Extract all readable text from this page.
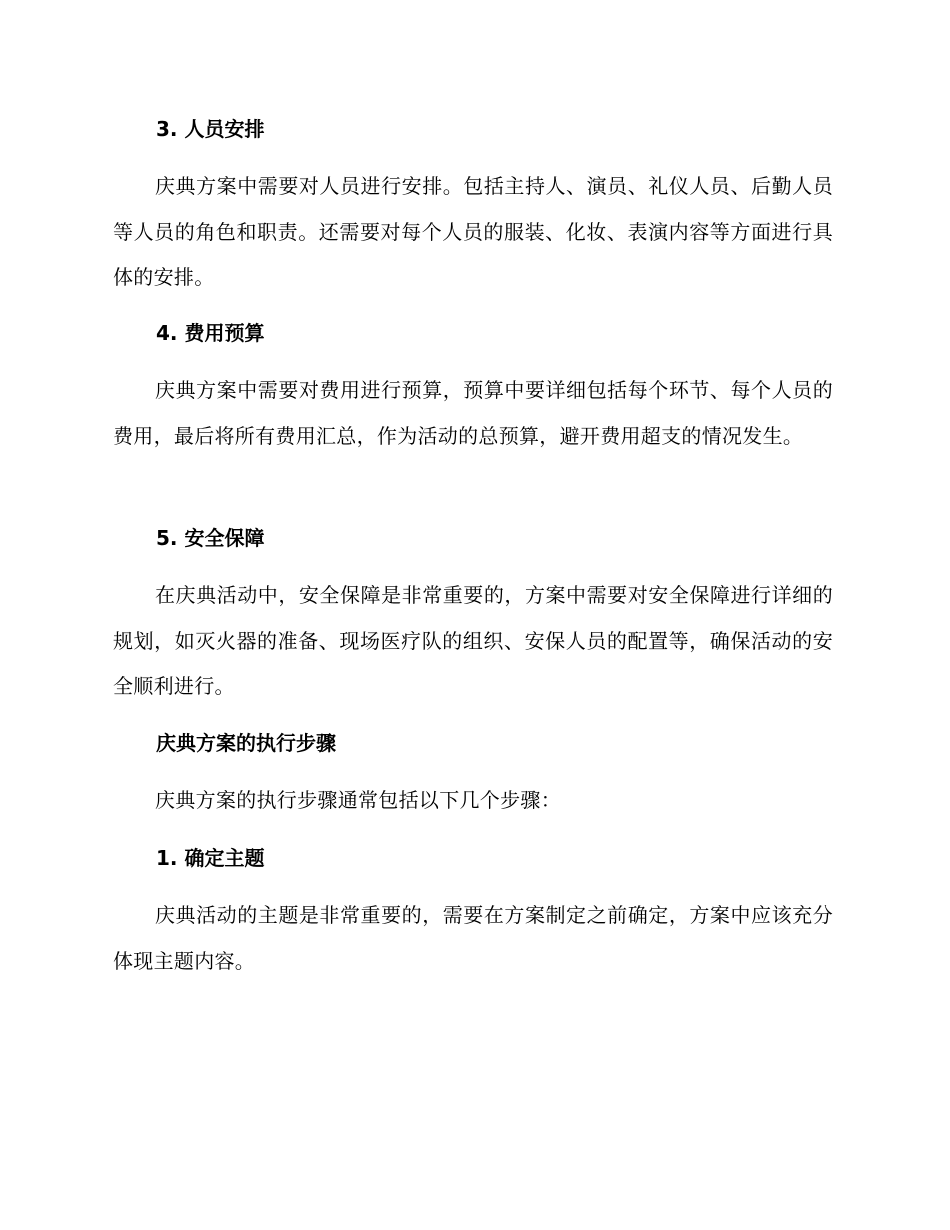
3. 人员安排

庆典方案中需要对人员进行安排。包括主持人、演员、礼仪人员、后勤人员等人员的角色和职责。还需要对每个人员的服装、化妆、表演内容等方面进行具体的安排。

4. 费用预算

庆典方案中需要对费用进行预算，预算中要详细包括每个环节、每个人员的费用，最后将所有费用汇总，作为活动的总预算，避开费用超支的情况发生。

5. 安全保障

在庆典活动中，安全保障是非常重要的，方案中需要对安全保障进行详细的规划，如灭火器的准备、现场医疗队的组织、安保人员的配置等，确保活动的安全顺利进行。

庆典方案的执行步骤

庆典方案的执行步骤通常包括以下几个步骤：

1. 确定主题

庆典活动的主题是非常重要的，需要在方案制定之前确定，方案中应该充分体现主题内容。
